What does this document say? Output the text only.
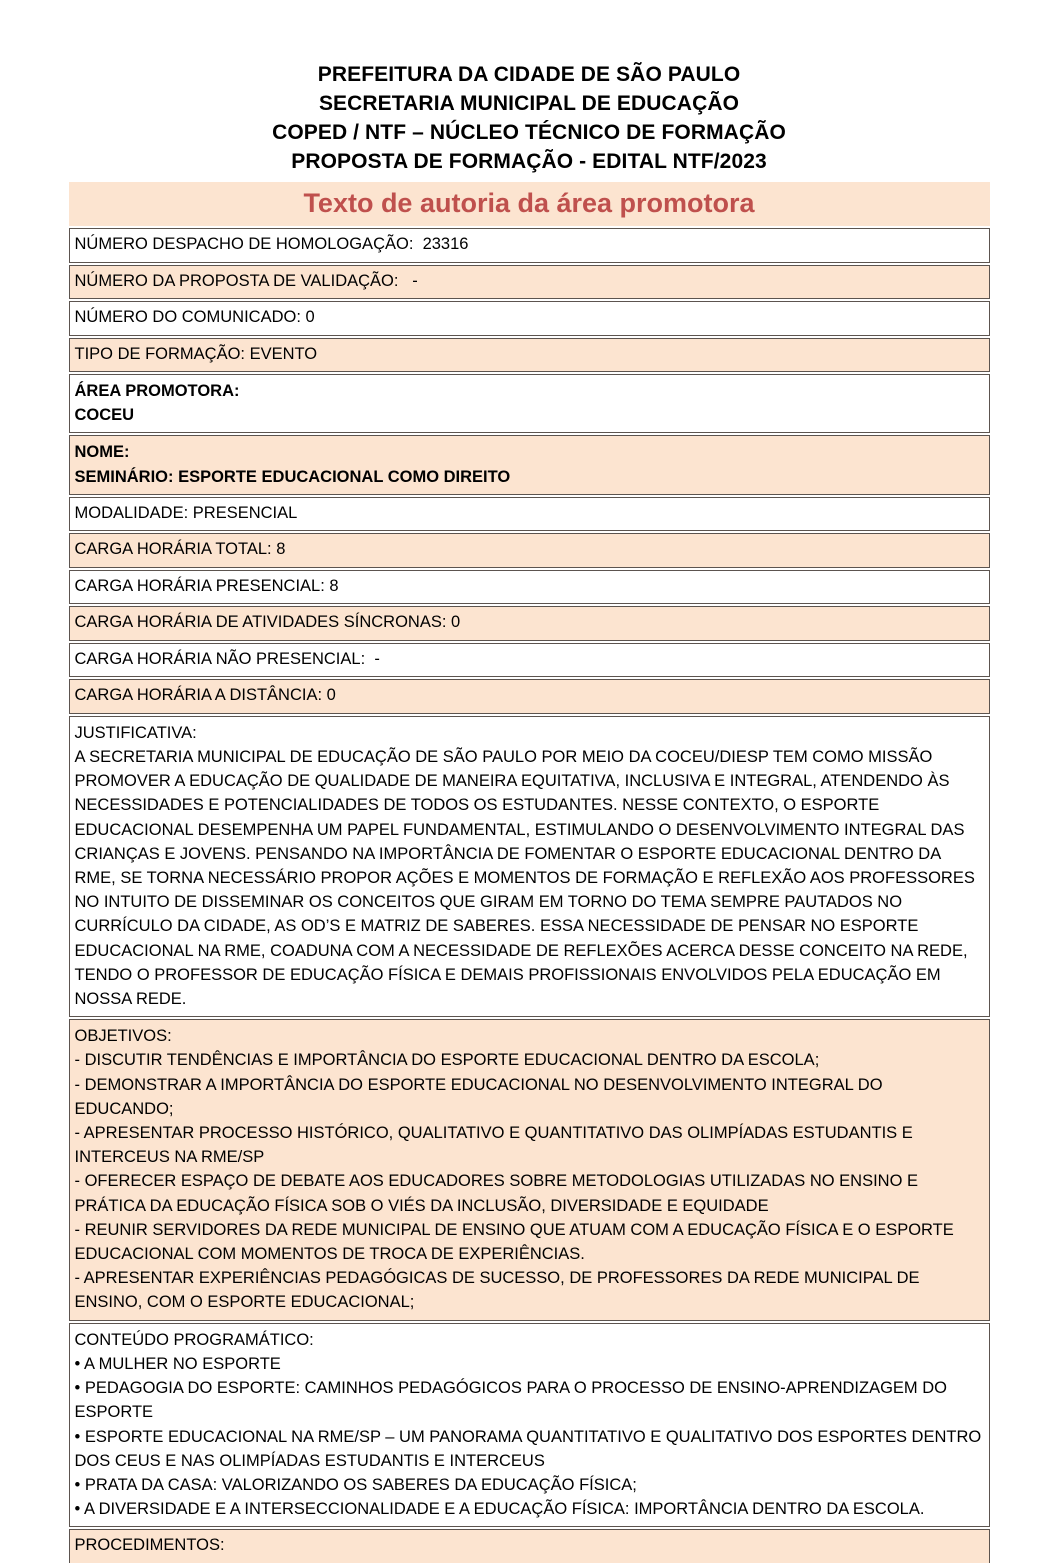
PREFEITURA DA CIDADE DE SÃO PAULO
SECRETARIA MUNICIPAL DE EDUCAÇÃO
COPED / NTF – NÚCLEO TÉCNICO DE FORMAÇÃO
PROPOSTA DE FORMAÇÃO - EDITAL NTF/2023
Texto de autoria da área promotora
NÚMERO DESPACHO DE HOMOLOGAÇÃO:  23316

NÚMERO DA PROPOSTA DE VALIDAÇÃO:   -

NÚMERO DO COMUNICADO: 0

TIPO DE FORMAÇÃO: EVENTO

ÁREA PROMOTORA:
COCEU

NOME:
SEMINÁRIO: ESPORTE EDUCACIONAL COMO DIREITO

MODALIDADE: PRESENCIAL

CARGA HORÁRIA TOTAL: 8

CARGA HORÁRIA PRESENCIAL: 8

CARGA HORÁRIA DE ATIVIDADES SÍNCRONAS: 0

CARGA HORÁRIA NÃO PRESENCIAL:  -

CARGA HORÁRIA A DISTÂNCIA: 0

JUSTIFICATIVA:
A SECRETARIA MUNICIPAL DE EDUCAÇÃO DE SÃO PAULO POR MEIO DA COCEU/DIESP TEM COMO MISSÃO PROMOVER A EDUCAÇÃO DE QUALIDADE DE MANEIRA EQUITATIVA, INCLUSIVA E INTEGRAL, ATENDENDO ÀS NECESSIDADES E POTENCIALIDADES DE TODOS OS ESTUDANTES. NESSE CONTEXTO, O ESPORTE EDUCACIONAL DESEMPENHA UM PAPEL FUNDAMENTAL, ESTIMULANDO O DESENVOLVIMENTO INTEGRAL DAS CRIANÇAS E JOVENS. PENSANDO NA IMPORTÂNCIA DE FOMENTAR O ESPORTE EDUCACIONAL DENTRO DA RME, SE TORNA NECESSÁRIO PROPOR AÇÕES E MOMENTOS DE FORMAÇÃO E REFLEXÃO AOS PROFESSORES NO INTUITO DE DISSEMINAR OS CONCEITOS QUE GIRAM EM TORNO DO TEMA SEMPRE PAUTADOS NO CURRÍCULO DA CIDADE, AS OD’S E MATRIZ DE SABERES. ESSA NECESSIDADE DE PENSAR NO ESPORTE EDUCACIONAL NA RME, COADUNA COM A NECESSIDADE DE REFLEXÕES ACERCA DESSE CONCEITO NA REDE, TENDO O PROFESSOR DE EDUCAÇÃO FÍSICA E DEMAIS PROFISSIONAIS ENVOLVIDOS PELA EDUCAÇÃO EM NOSSA REDE.

OBJETIVOS:
- DISCUTIR TENDÊNCIAS E IMPORTÂNCIA DO ESPORTE EDUCACIONAL DENTRO DA ESCOLA;
- DEMONSTRAR A IMPORTÂNCIA DO ESPORTE EDUCACIONAL NO DESENVOLVIMENTO INTEGRAL DO EDUCANDO;
- APRESENTAR PROCESSO HISTÓRICO, QUALITATIVO E QUANTITATIVO DAS OLIMPÍADAS ESTUDANTIS E INTERCEUS NA RME/SP
- OFERECER ESPAÇO DE DEBATE AOS EDUCADORES SOBRE METODOLOGIAS UTILIZADAS NO ENSINO E PRÁTICA DA EDUCAÇÃO FÍSICA SOB O VIÉS DA INCLUSÃO, DIVERSIDADE E EQUIDADE
- REUNIR SERVIDORES DA REDE MUNICIPAL DE ENSINO QUE ATUAM COM A EDUCAÇÃO FÍSICA E O ESPORTE EDUCACIONAL COM MOMENTOS DE TROCA DE EXPERIÊNCIAS.
- APRESENTAR EXPERIÊNCIAS PEDAGÓGICAS DE SUCESSO, DE PROFESSORES DA REDE MUNICIPAL DE ENSINO, COM O ESPORTE EDUCACIONAL;

CONTEÚDO PROGRAMÁTICO:
• A MULHER NO ESPORTE
• PEDAGOGIA DO ESPORTE: CAMINHOS PEDAGÓGICOS PARA O PROCESSO DE ENSINO-APRENDIZAGEM DO ESPORTE
• ESPORTE EDUCACIONAL NA RME/SP – UM PANORAMA QUANTITATIVO E QUALITATIVO DOS ESPORTES DENTRO DOS CEUS E NAS OLIMPÍADAS ESTUDANTIS E INTERCEUS
• PRATA DA CASA: VALORIZANDO OS SABERES DA EDUCAÇÃO FÍSICA;
• A DIVERSIDADE E A INTERSECCIONALIDADE E A EDUCAÇÃO FÍSICA: IMPORTÂNCIA DENTRO DA ESCOLA.

PROCEDIMENTOS:
